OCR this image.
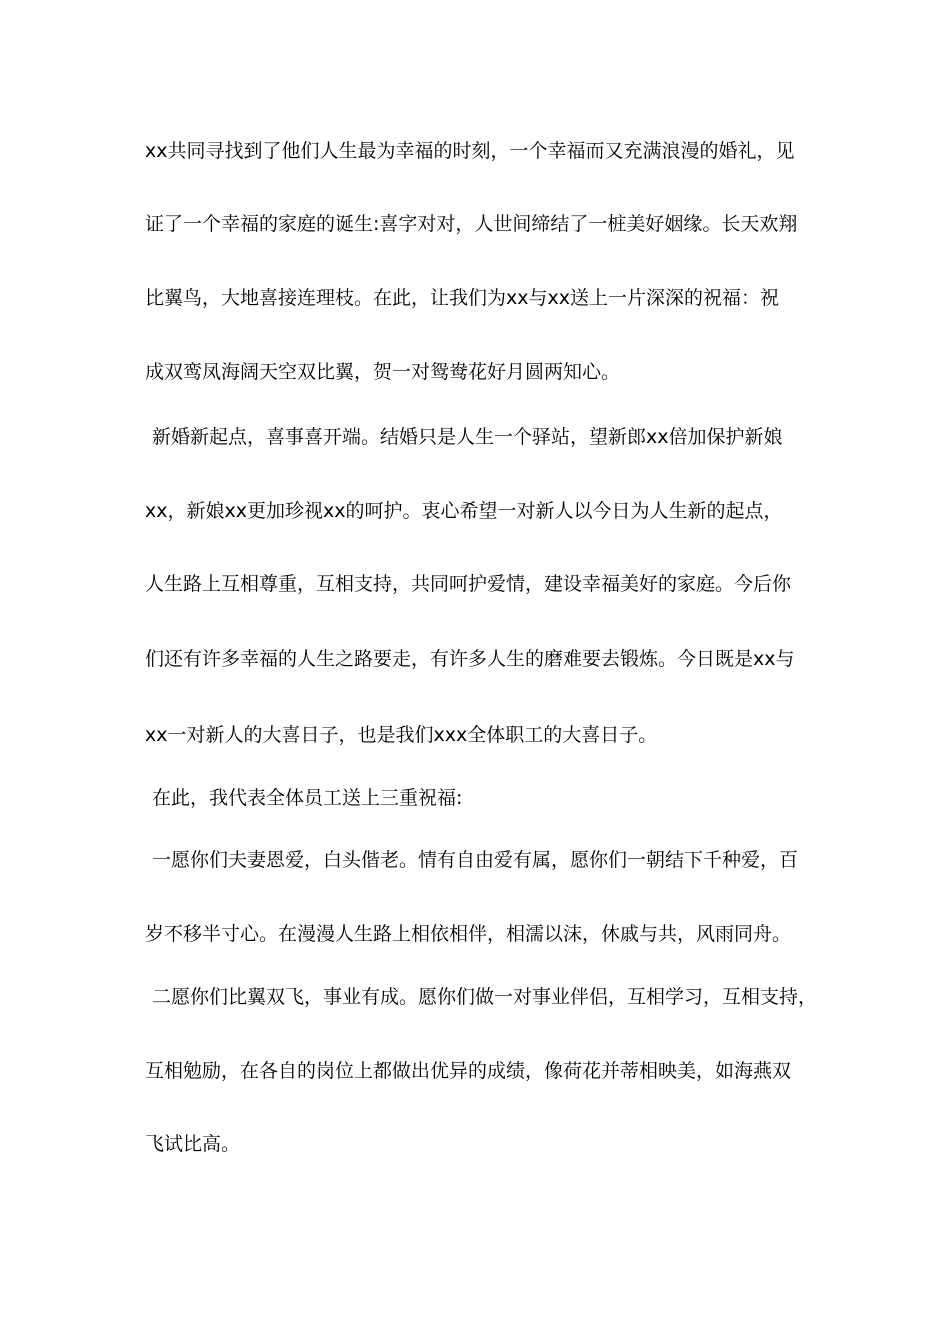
xx共同寻找到了他们人生最为幸福的时刻，一个幸福而又充满浪漫的婚礼，见
证了一个幸福的家庭的诞生:喜字对对，人世间缔结了一桩美好姻缘。长天欢翔
比翼鸟，大地喜接连理枝。在此，让我们为xx与xx送上一片深深的祝福：祝
成双鸾凤海阔天空双比翼，贺一对鸳鸯花好月圆两知心。
新婚新起点，喜事喜开端。结婚只是人生一个驿站，望新郎xx倍加保护新娘
xx，新娘xx更加珍视xx的呵护。衷心希望一对新人以今日为人生新的起点，
人生路上互相尊重，互相支持，共同呵护爱情，建设幸福美好的家庭。今后你
们还有许多幸福的人生之路要走，有许多人生的磨难要去锻炼。今日既是xx与
xx一对新人的大喜日子，也是我们xxx全体职工的大喜日子。
在此，我代表全体员工送上三重祝福:
一愿你们夫妻恩爱，白头偕老。情有自由爱有属，愿你们一朝结下千种爱，百
岁不移半寸心。在漫漫人生路上相依相伴，相濡以沫，休戚与共，风雨同舟。
二愿你们比翼双飞，事业有成。愿你们做一对事业伴侣，互相学习，互相支持，
互相勉励，在各自的岗位上都做出优异的成绩，像荷花并蒂相映美，如海燕双
飞试比高。
